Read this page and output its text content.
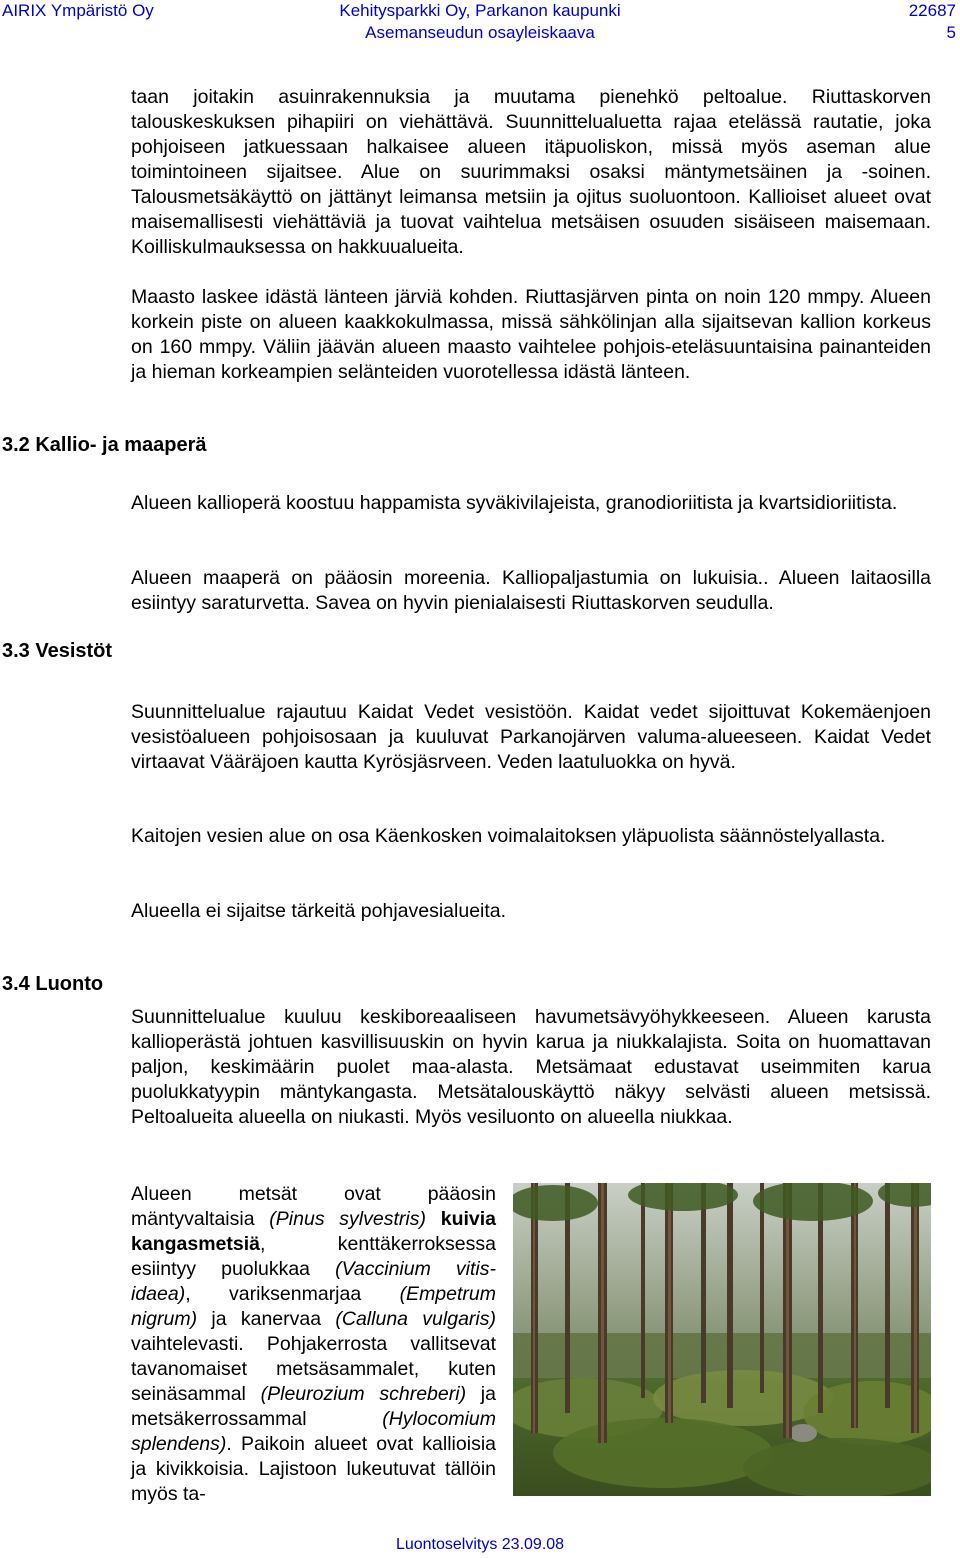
AIRIX Ympäristö Oy	Kehitysparkki Oy, Parkanon kaupunki
Asemanseudun osayleiskaava
22687
5

taan joitakin asuinrakennuksia ja muutama pienehkö peltoalue. Riuttaskorven talouskeskuksen pihapiiri on viehättävä. Suunnittelualuetta rajaa etelässä rautatie, joka pohjoiseen jatkuessaan halkaisee alueen itäpuoliskon, missä myös aseman alue toimintoineen sijaitsee. Alue on suurimmaksi osaksi mäntymetsäinen ja -soinen. Talousmetsäkäyttö on jättänyt leimansa metsiin ja ojitus suoluontoon. Kallioiset alueet ovat maisemallisesti viehättäviä ja tuovat vaihtelua metsäisen osuuden sisäiseen maisemaan. Koilliskulmauksessa on hakkuualueita.

Maasto laskee idästä länteen järviä kohden. Riuttasjärven pinta on noin 120 mmpy. Alueen korkein piste on alueen kaakkokulmassa, missä sähkölinjan alla sijaitsevan kallion korkeus on 160 mmpy. Väliin jäävän alueen maasto vaihtelee pohjois-eteläsuuntaisina painanteiden ja hieman korkeampien selänteiden vuorotellessa idästä länteen.

3.2 Kallio- ja maaperä

Alueen kallioperä koostuu happamista syväkivilajeista, granodioriitista ja kvartsidioriitista.

Alueen maaperä on pääosin moreenia. Kalliopaljastumia on lukuisia.. Alueen laitaosilla esiintyy saraturvetta. Savea on hyvin pienialaisesti Riuttaskorven seudulla.

3.3 Vesistöt

Suunnittelualue rajautuu Kaidat Vedet vesistöön. Kaidat vedet sijoittuvat Kokemäenjoen vesistöalueen pohjoisosaan ja kuuluvat Parkanojärven valuma-alueeseen. Kaidat Vedet virtaavat Vääräjoen kautta Kyrösjäsrveen. Veden laatuluokka on hyvä.

Kaitojen vesien alue on osa Käenkosken voimalaitoksen yläpuolista säännöstelyallasta.

Alueella ei sijaitse tärkeitä pohjavesialueita.

3.4 Luonto

Suunnittelualue kuuluu keskiboreaaliseen havumetsävyöhykkeeseen. Alueen karusta kallioperästä johtuen kasvillisuuskin on hyvin karua ja niukkalajista. Soita on huomattavan paljon, keskimäärin puolet maa-alasta. Metsämaat edustavat useimmiten karua puolukkatyypin mäntykangasta. Metsätalouskäyttö näkyy selvästi alueen metsissä. Peltoalueita alueella on niukasti. Myös vesiluonto on alueella niukkaa.

Alueen metsät ovat pääosin mäntyvaltaisia (Pinus sylvestris) kuivia kangasmetsiä, kenttäkerroksessa esiintyy puolukkaa (Vaccinium vitis-idaea), variksenmarjaa (Empetrum nigrum) ja kanervaa (Calluna vulgaris) vaihtelevasti. Pohjakerrosta vallitsevat tavanomaiset metsäsammalet, kuten seinäsammal (Pleurozium schreberi) ja metsäkerrossammal (Hylocomium splendens). Paikoin alueet ovat kallioisia ja kivikkoisia. Lajistoon lukeutuvat tällöin myös ta-

Luontoselvitys 23.09.08
